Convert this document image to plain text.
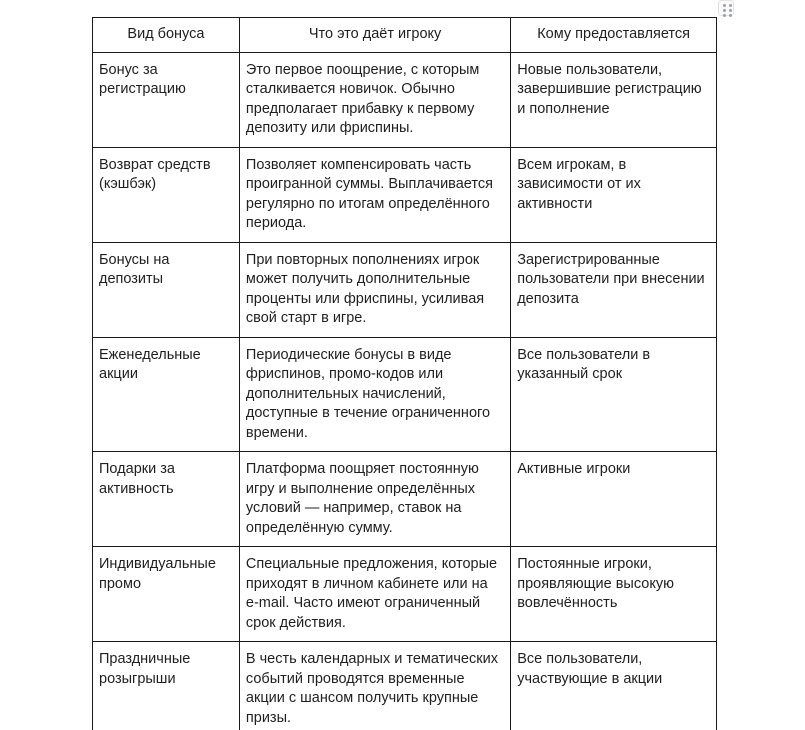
Вид бонуса	Что это даёт игроку	Кому предоставляется
Бонус за регистрацию	Это первое поощрение, с которым сталкивается новичок. Обычно предполагает прибавку к первому депозиту или фриспины.	Новые пользователи, завершившие регистрацию и пополнение
Возврат средств (кэшбэк)	Позволяет компенсировать часть проигранной суммы. Выплачивается регулярно по итогам определённого периода.	Всем игрокам, в зависимости от их активности
Бонусы на депозиты	При повторных пополнениях игрок может получить дополнительные проценты или фриспины, усиливая свой старт в игре.	Зарегистрированные пользователи при внесении депозита
Еженедельные акции	Периодические бонусы в виде фриспинов, промо-кодов или дополнительных начислений, доступные в течение ограниченного времени.	Все пользователи в указанный срок
Подарки за активность	Платформа поощряет постоянную игру и выполнение определённых условий — например, ставок на определённую сумму.	Активные игроки
Индивидуальные промо	Специальные предложения, которые приходят в личном кабинете или на e-mail. Часто имеют ограниченный срок действия.	Постоянные игроки, проявляющие высокую вовлечённость
Праздничные розыгрыши	В честь календарных и тематических событий проводятся временные акции с шансом получить крупные призы.	Все пользователи, участвующие в акции
